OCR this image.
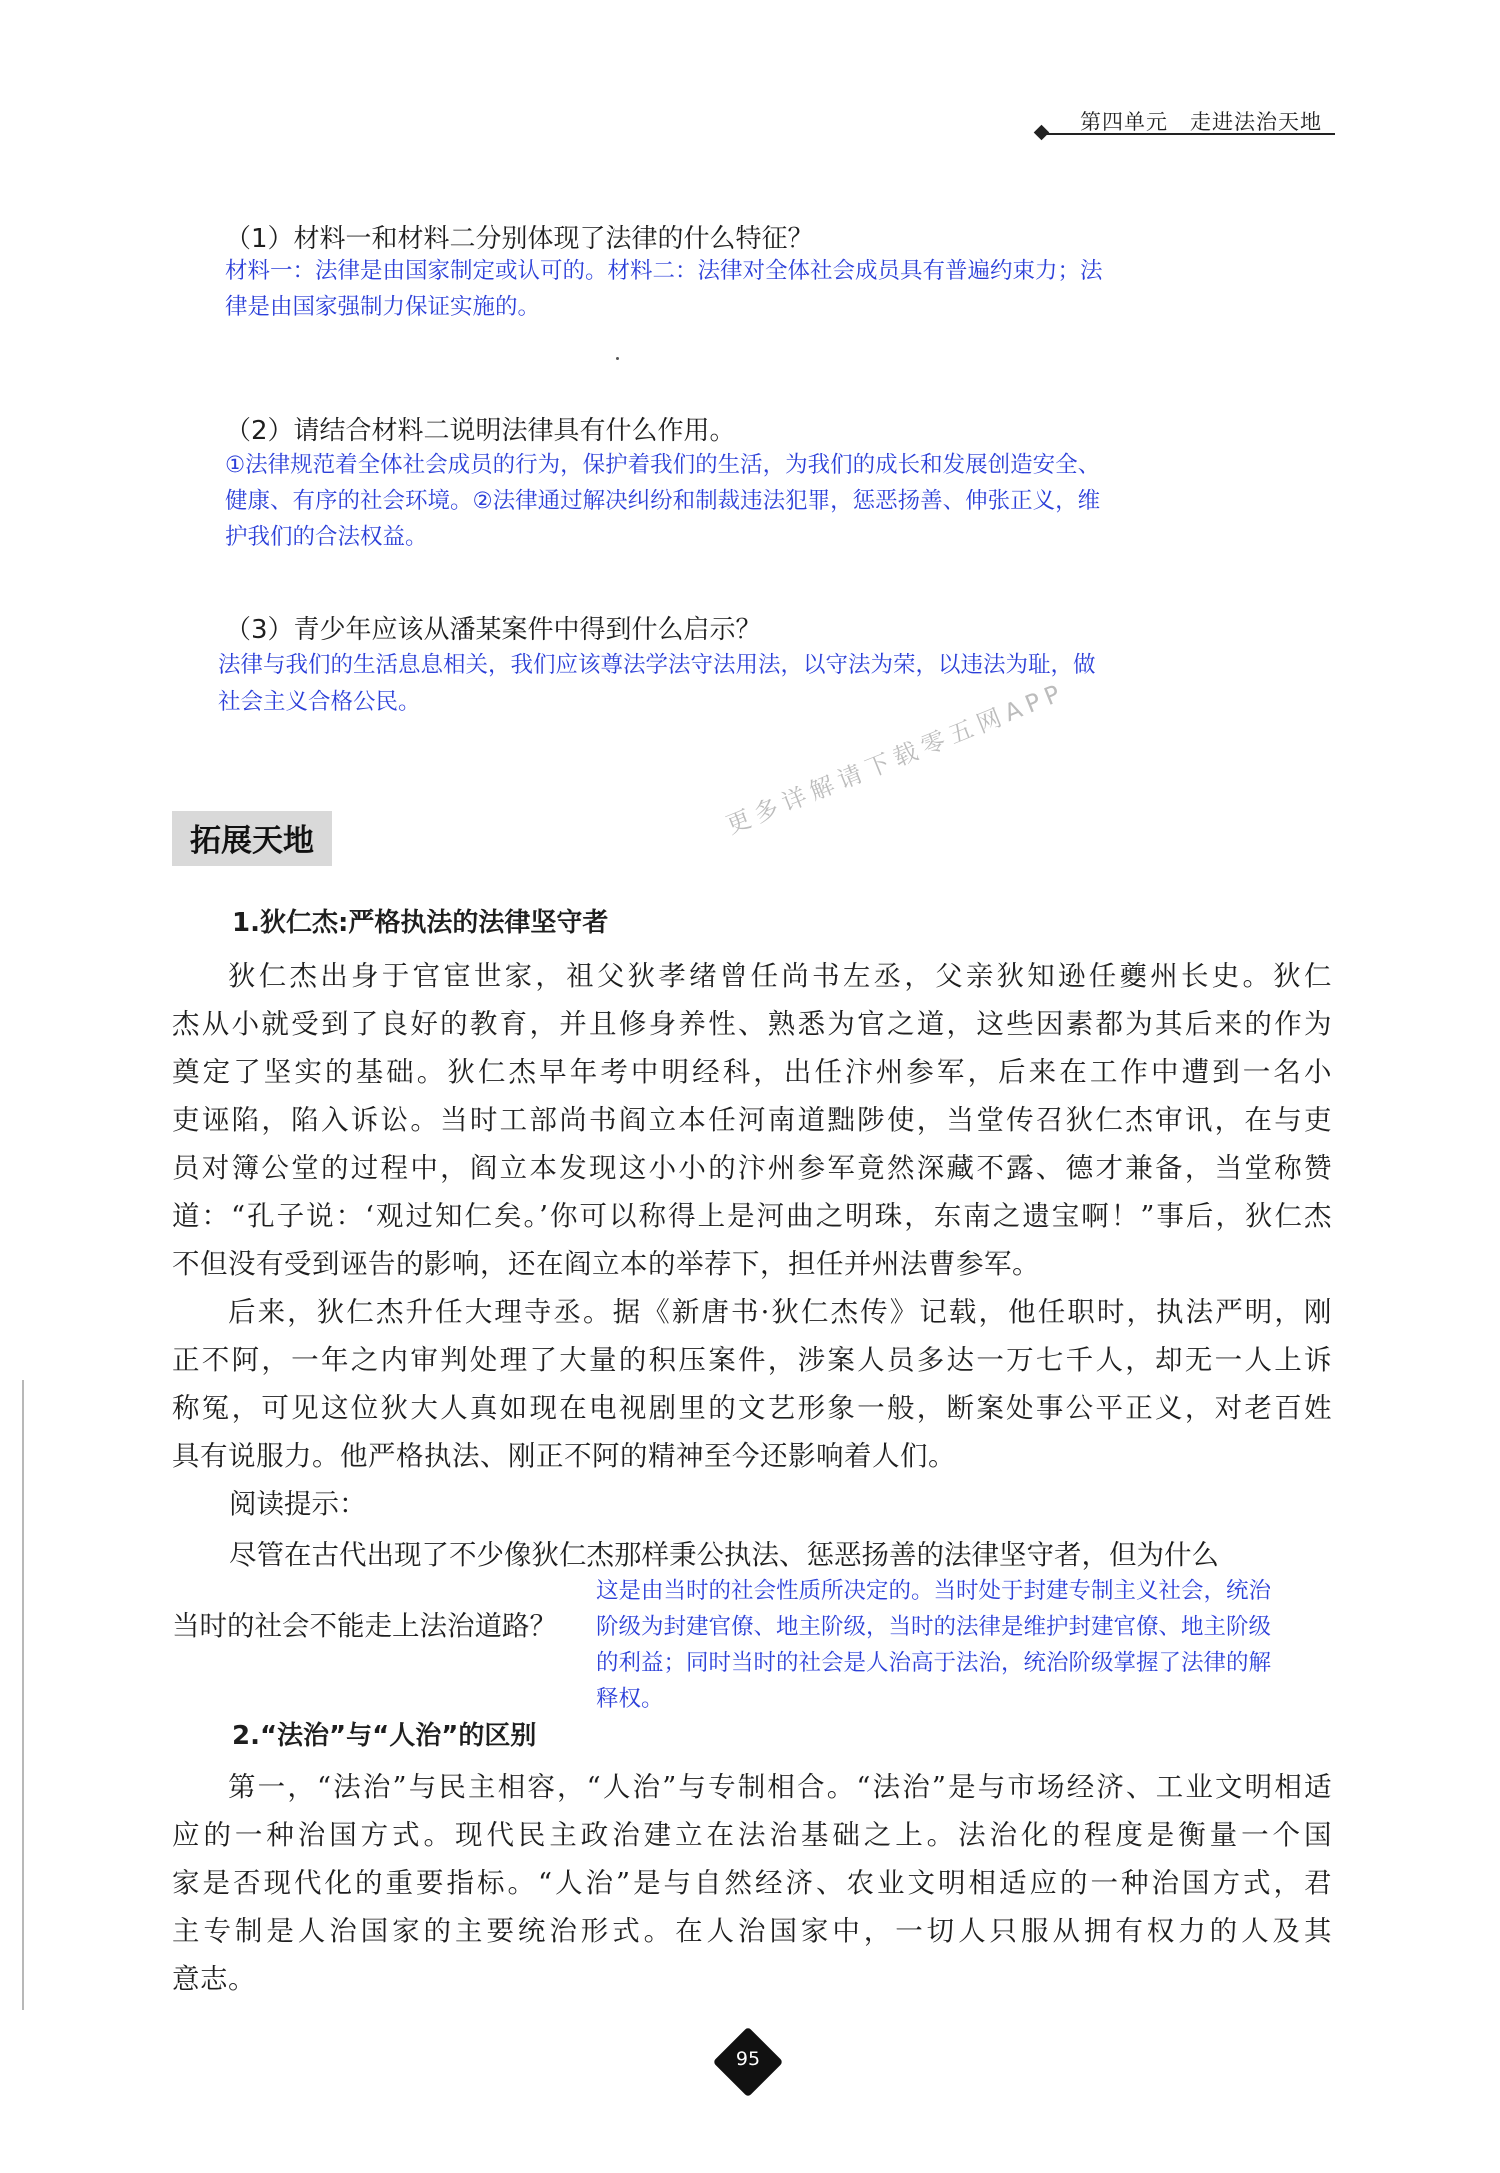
第四单元　走进法治天地
（1）材料一和材料二分别体现了法律的什么特征？
材料一：法律是由国家制定或认可的。材料二：法律对全体社会成员具有普遍约束力；法
律是由国家强制力保证实施的。
（2）请结合材料二说明法律具有什么作用。
①法律规范着全体社会成员的行为，保护着我们的生活，为我们的成长和发展创造安全、
健康、有序的社会环境。②法律通过解决纠纷和制裁违法犯罪，惩恶扬善、伸张正义，维
护我们的合法权益。
（3）青少年应该从潘某案件中得到什么启示？
法律与我们的生活息息相关，我们应该尊法学法守法用法，以守法为荣，以违法为耻，做
社会主义合格公民。
拓展天地
更多详解请下载零五网APP
1.狄仁杰:严格执法的法律坚守者
狄仁杰出身于官宦世家，祖父狄孝绪曾任尚书左丞，父亲狄知逊任夔州长史。狄仁
杰从小就受到了良好的教育，并且修身养性、熟悉为官之道，这些因素都为其后来的作为
奠定了坚实的基础。狄仁杰早年考中明经科，出任汴州参军，后来在工作中遭到一名小
吏诬陷，陷入诉讼。当时工部尚书阎立本任河南道黜陟使，当堂传召狄仁杰审讯，在与吏
员对簿公堂的过程中，阎立本发现这小小的汴州参军竟然深藏不露、德才兼备，当堂称赞
道：“孔子说：‘观过知仁矣。’你可以称得上是河曲之明珠，东南之遗宝啊！”事后，狄仁杰
不但没有受到诬告的影响，还在阎立本的举荐下，担任并州法曹参军。
后来，狄仁杰升任大理寺丞。据《新唐书·狄仁杰传》记载，他任职时，执法严明，刚
正不阿，一年之内审判处理了大量的积压案件，涉案人员多达一万七千人，却无一人上诉
称冤，可见这位狄大人真如现在电视剧里的文艺形象一般，断案处事公平正义，对老百姓
具有说服力。他严格执法、刚正不阿的精神至今还影响着人们。
阅读提示：
尽管在古代出现了不少像狄仁杰那样秉公执法、惩恶扬善的法律坚守者，但为什么
当时的社会不能走上法治道路？
这是由当时的社会性质所决定的。当时处于封建专制主义社会，统治
阶级为封建官僚、地主阶级，当时的法律是维护封建官僚、地主阶级
的利益；同时当时的社会是人治高于法治，统治阶级掌握了法律的解
释权。
2.“法治”与“人治”的区别
第一，“法治”与民主相容，“人治”与专制相合。“法治”是与市场经济、工业文明相适
应的一种治国方式。现代民主政治建立在法治基础之上。法治化的程度是衡量一个国
家是否现代化的重要指标。“人治”是与自然经济、农业文明相适应的一种治国方式，君
主专制是人治国家的主要统治形式。在人治国家中，一切人只服从拥有权力的人及其
意志。
95
